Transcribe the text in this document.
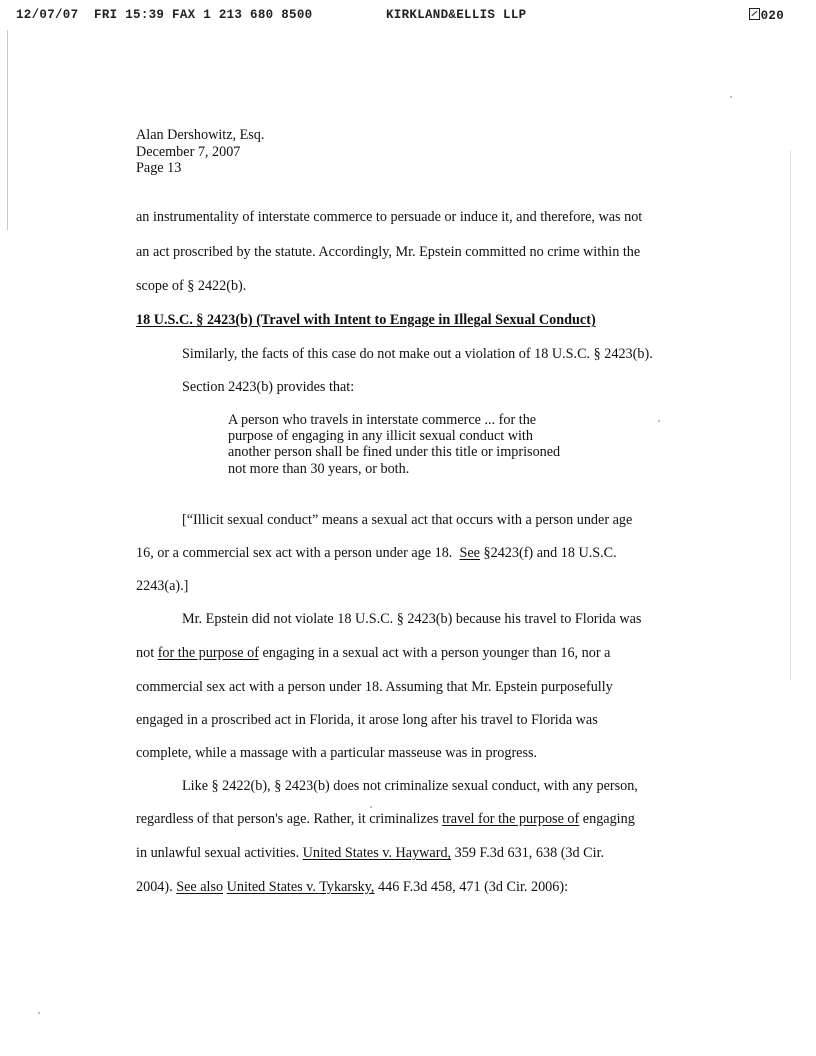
12/07/07  FRI 15:39 FAX 1 213 680 8500	KIRKLAND&ELLIS LLP	020
Alan Dershowitz, Esq.
December 7, 2007
Page 13
an instrumentality of interstate commerce to persuade or induce it, and therefore, was not
an act proscribed by the statute. Accordingly, Mr. Epstein committed no crime within the
scope of § 2422(b).
18 U.S.C. § 2423(b) (Travel with Intent to Engage in Illegal Sexual Conduct)
Similarly, the facts of this case do not make out a violation of 18 U.S.C. § 2423(b).
Section 2423(b) provides that:
A person who travels in interstate commerce ... for the
purpose of engaging in any illicit sexual conduct with
another person shall be fined under this title or imprisoned
not more than 30 years, or both.
[“Illicit sexual conduct” means a sexual act that occurs with a person under age
16, or a commercial sex act with a person under age 18. See §2423(f) and 18 U.S.C.
2243(a).]
Mr. Epstein did not violate 18 U.S.C. § 2423(b) because his travel to Florida was
not for the purpose of engaging in a sexual act with a person younger than 16, nor a
commercial sex act with a person under 18. Assuming that Mr. Epstein purposefully
engaged in a proscribed act in Florida, it arose long after his travel to Florida was
complete, while a massage with a particular masseuse was in progress.
Like § 2422(b), § 2423(b) does not criminalize sexual conduct, with any person,
regardless of that person's age. Rather, it criminalizes travel for the purpose of engaging
in unlawful sexual activities. United States v. Hayward, 359 F.3d 631, 638 (3d Cir.
2004). See also United States v. Tykarsky, 446 F.3d 458, 471 (3d Cir. 2006):
